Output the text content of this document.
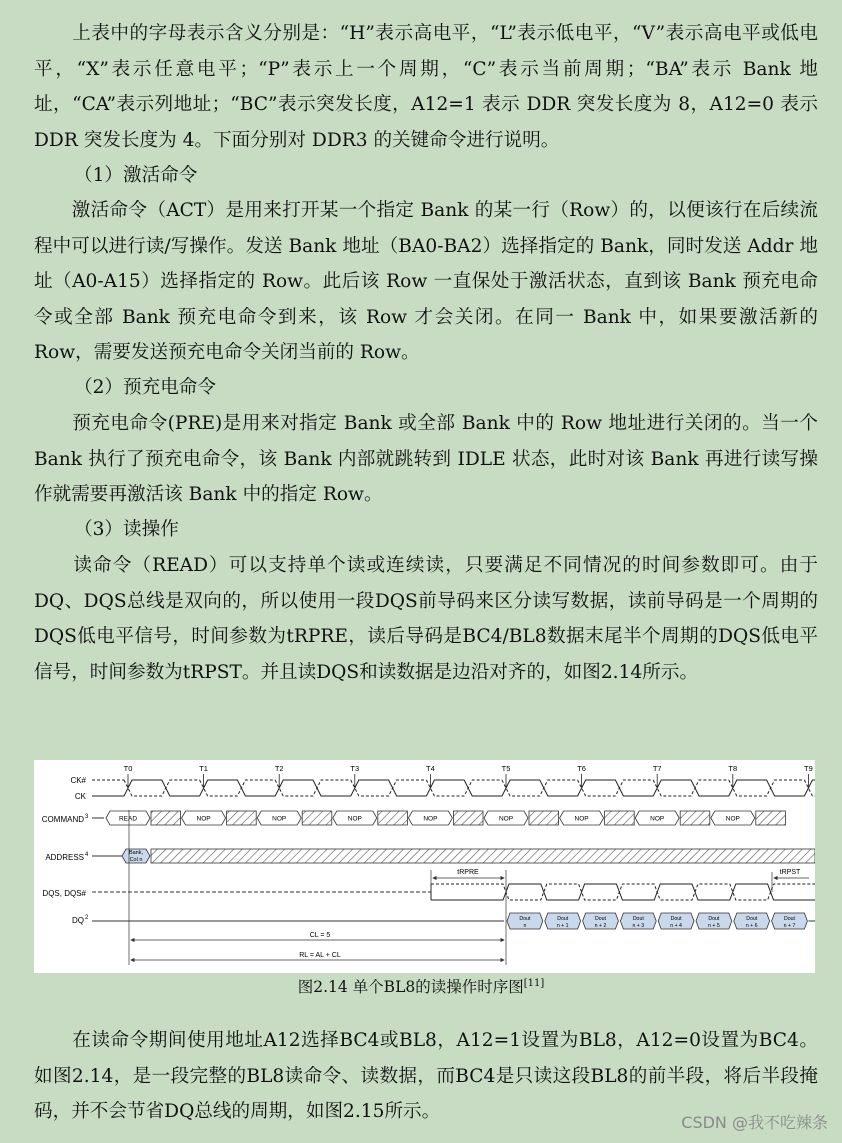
　　上表中的字母表示含义分别是：“H”表示高电平，“L”表示低电平，“V”表示高电平或低电平，“X”表示任意电平；“P”表示上一个周期，“C”表示当前周期；“BA”表示 Bank 地址，“CA”表示列地址；“BC”表示突发长度，A12=1 表示 DDR 突发长度为 8，A12=0 表示 DDR 突发长度为 4。下面分别对 DDR3 的关键命令进行说明。
（1）激活命令
　　激活命令（ACT）是用来打开某一个指定 Bank 的某一行（Row）的，以便该行在后续流程中可以进行读/写操作。发送 Bank 地址（BA0-BA2）选择指定的 Bank，同时发送 Addr 地址（A0-A15）选择指定的 Row。此后该 Row 一直保处于激活状态，直到该 Bank 预充电命令或全部 Bank 预充电命令到来，该 Row 才会关闭。在同一 Bank 中，如果要激活新的 Row，需要发送预充电命令关闭当前的 Row。
（2）预充电命令
　　预充电命令(PRE)是用来对指定 Bank 或全部 Bank 中的 Row 地址进行关闭的。当一个 Bank 执行了预充电命令，该 Bank 内部就跳转到 IDLE 状态，此时对该 Bank 再进行读写操作就需要再激活该 Bank 中的指定 Row。
（3）读操作
　　读命令（READ）可以支持单个读或连续读，只要满足不同情况的时间参数即可。由于DQ、DQS总线是双向的，所以使用一段DQS前导码来区分读写数据，读前导码是一个周期的DQS低电平信号，时间参数为tRPRE，读后导码是BC4/BL8数据末尾半个周期的DQS低电平信号，时间参数为tRPST。并且读DQS和读数据是边沿对齐的，如图2.14所示。
CK#
CK
COMMAND 3
ADDRESS 4
DQS, DQS#
DQ 2
T0	T1	T2	T3	T4	T5	T6	T7	T8	T9
READ	NOP	NOP	NOP	NOP	NOP	NOP	NOP	NOP
Bank,
Col n
Dout
n
Dout
n + 1
Dout
n + 2
Dout
n + 3
Dout
n + 4
Dout
n + 5
Dout
n + 6
Dout
n + 7
tRPRE	tRPST
CL = 5
RL = AL + CL
图2.14 单个BL8的读操作时序图[11]
　　在读命令期间使用地址A12选择BC4或BL8，A12=1设置为BL8，A12=0设置为BC4。如图2.14，是一段完整的BL8读命令、读数据，而BC4是只读这段BL8的前半段，将后半段掩码，并不会节省DQ总线的周期，如图2.15所示。
CSDN @我不吃辣条
